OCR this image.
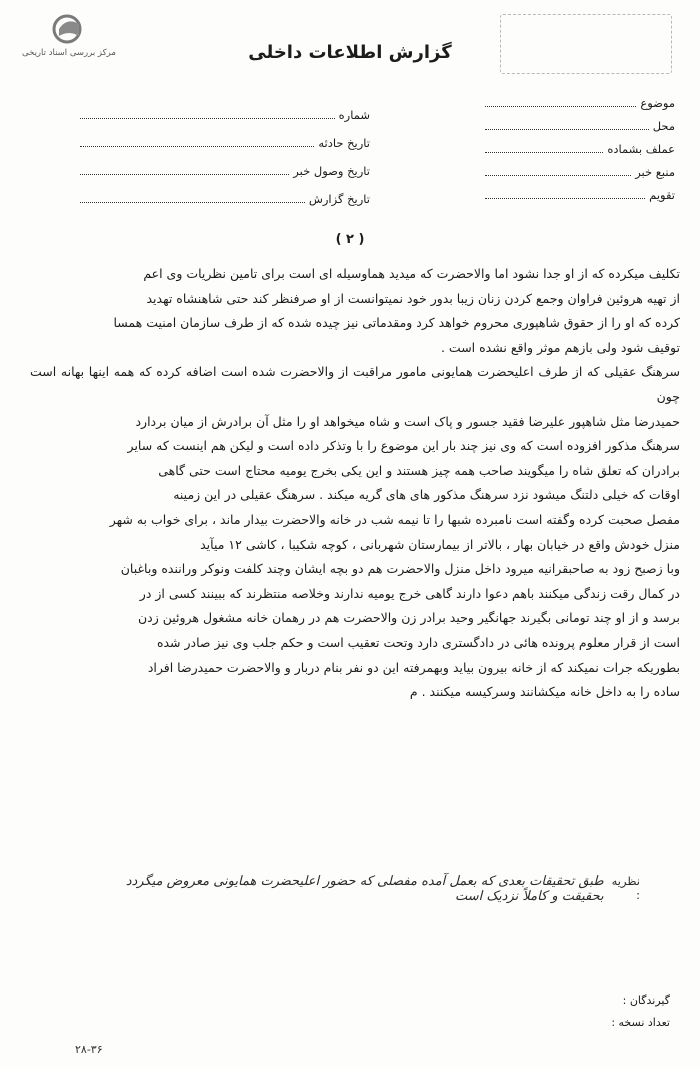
مرکز بررسی اسناد تاریخی	گزارش اطلاعات داخلی
موضوع
محل
عملف بشماده
منبع خبر
تقویم
شماره
تاریخ حادثه
تاریخ وصول خبر
تاریخ گزارش
( ۲ )

تکلیف میکرده که از او جدا نشود اما والاحضرت که میدید هماوسیله ای است برای تامین نظریات وی اعم

از تهیه هروئین فراوان وجمع کردن زنان زیبا بدور خود نمیتوانست از او صرفنظر کند حتی شاهنشاه تهدید

کرده که او را از حقوق شاهپوری محروم خواهد کرد ومقدماتی نیز چیده شده که از طرف سازمان امنیت همسا

توقیف شود ولی بازهم موثر واقع نشده است .

سرهنگ عقیلی که از طرف اعلیحضرت همایونی مامور مراقبت از والاحضرت شده است اضافه کرده که همه اینها بهانه است چون

حمیدرضا مثل شاهپور علیرضا فقید جسور و پاک است و شاه میخواهد او را مثل آن برادرش از میان بردارد

سرهنگ مذکور افزوده است که وی نیز چند بار این موضوع را با وتذکر داده است و لیکن هم اینست که سایر

برادران که تعلق شاه را میگویند صاحب همه چیز هستند و این یکی بخرج یومیه محتاج است حتی گاهی

اوقات که خیلی دلتنگ میشود نزد سرهنگ مذکور های های گریه میکند . سرهنگ عقیلی در این زمینه

مفصل صحبت کرده وگفته است نامبرده شبها را تا نیمه شب در خانه والاحضرت بیدار ماند ، برای خواب به شهر

منزل خودش واقع در خیابان بهار ، بالاتر از بیمارستان شهربانی ، کوچه شکیبا ، کاشی ۱۲ میآید

وبا زصبح زود به صاحبقرانیه میرود داخل منزل والاحضرت هم دو بچه ایشان وچند کلفت ونوکر وراننده وباغبان

در کمال رقت زندگی میکنند باهم دعوا دارند گاهی خرج یومیه ندارند وخلاصه منتظرند که ببینند کسی از در

برسد و از او چند تومانی بگیرند جهانگیر وحید برادر زن والاحضرت هم در رهمان خانه مشغول هروئین زدن

است از قرار معلوم پرونده هائی در دادگستری دارد وتحت تعقیب است و حکم جلب وی نیز صادر شده

بطوریکه جرات نمیکند که از خانه بیرون بیاید وبهمرفته این دو نفر بنام دربار و والاحضرت حمیدرضا افراد

ساده را به داخل خانه میکشانند وسرکیسه میکنند . م

نظریه :
طبق تحقیقات بعدی که بعمل آمده مفصلی که حضور اعلیحضرت همایونی معروض میگردد بحقیقت و کاملاً نزدیک است
گیرندگان :
تعداد نسخه :
۲۸-۳۶
